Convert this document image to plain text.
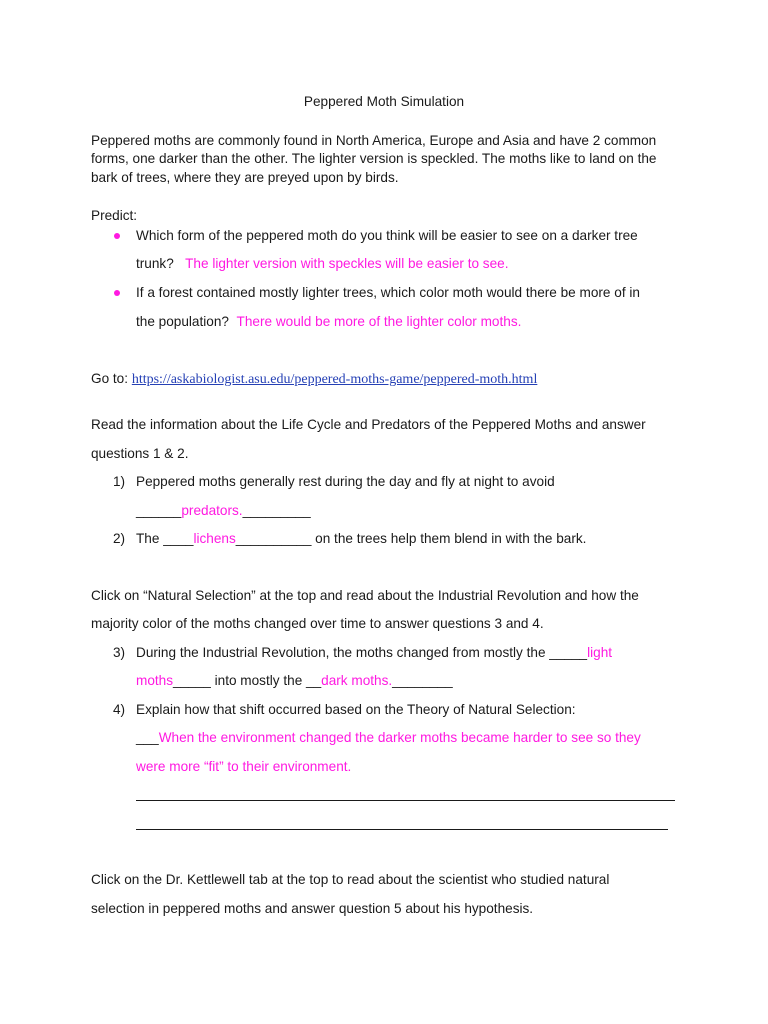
Peppered Moth Simulation
Peppered moths are commonly found in North America, Europe and Asia and have 2 common
forms, one darker than the other. The lighter version is speckled. The moths like to land on the
bark of trees, where they are preyed upon by birds.
Predict:
Which form of the peppered moth do you think will be easier to see on a darker tree
trunk? The lighter version with speckles will be easier to see.
If a forest contained mostly lighter trees, which color moth would there be more of in
the population? There would be more of the lighter color moths.
Go to: https://askabiologist.asu.edu/peppered-moths-game/peppered-moth.html
Read the information about the Life Cycle and Predators of the Peppered Moths and answer
questions 1 & 2.
1) Peppered moths generally rest during the day and fly at night to avoid
______predators._________
2) The ____lichens__________ on the trees help them blend in with the bark.
Click on “Natural Selection” at the top and read about the Industrial Revolution and how the
majority color of the moths changed over time to answer questions 3 and 4.
3) During the Industrial Revolution, the moths changed from mostly the _____light
moths_____ into mostly the __dark moths.________
4) Explain how that shift occurred based on the Theory of Natural Selection:
___When the environment changed the darker moths became harder to see so they
were more “fit” to their environment.
Click on the Dr. Kettlewell tab at the top to read about the scientist who studied natural
selection in peppered moths and answer question 5 about his hypothesis.
